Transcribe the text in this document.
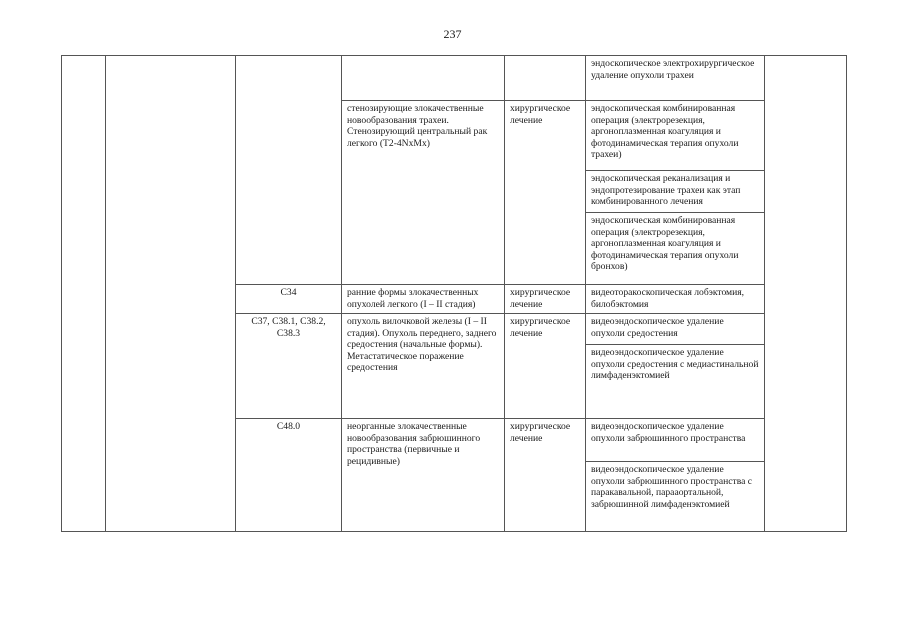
237
					эндоскопическое электрохирургическое удаление опухоли трахеи	
			стенозирующие злокачественные новообразования трахеи. Стенозирующий центральный рак легкого (T2-4NxMx)	хирургическое лечение	эндоскопическая комбинированная операция (электрорезекция, аргоноплазменная коагуляция и фотодинамическая терапия опухоли трахеи)	
					эндоскопическая реканализация и эндопротезирование трахеи как этап комбинированного лечения	
					эндоскопическая комбинированная операция (электрорезекция, аргоноплазменная коагуляция и фотодинамическая терапия опухоли бронхов)	
		C34	ранние формы злокачественных опухолей легкого (I – II стадия)	хирургическое лечение	видеоторакоскопическая лобэктомия, билобэктомия	
		C37, C38.1, C38.2, C38.3	опухоль вилочковой железы (I – II стадия). Опухоль переднего, заднего средостения (начальные формы). Метастатическое поражение средостения	хирургическое лечение	видеоэндоскопическое удаление опухоли средостения	
					видеоэндоскопическое удаление опухоли средостения с медиастинальной лимфаденэктомией	
		C48.0	неорганные злокачественные новообразования забрюшинного пространства (первичные и рецидивные)	хирургическое лечение	видеоэндоскопическое удаление опухоли забрюшинного пространства	
					видеоэндоскопическое удаление опухоли забрюшинного пространства с паракавальной, парааортальной, забрюшинной лимфаденэктомией	
